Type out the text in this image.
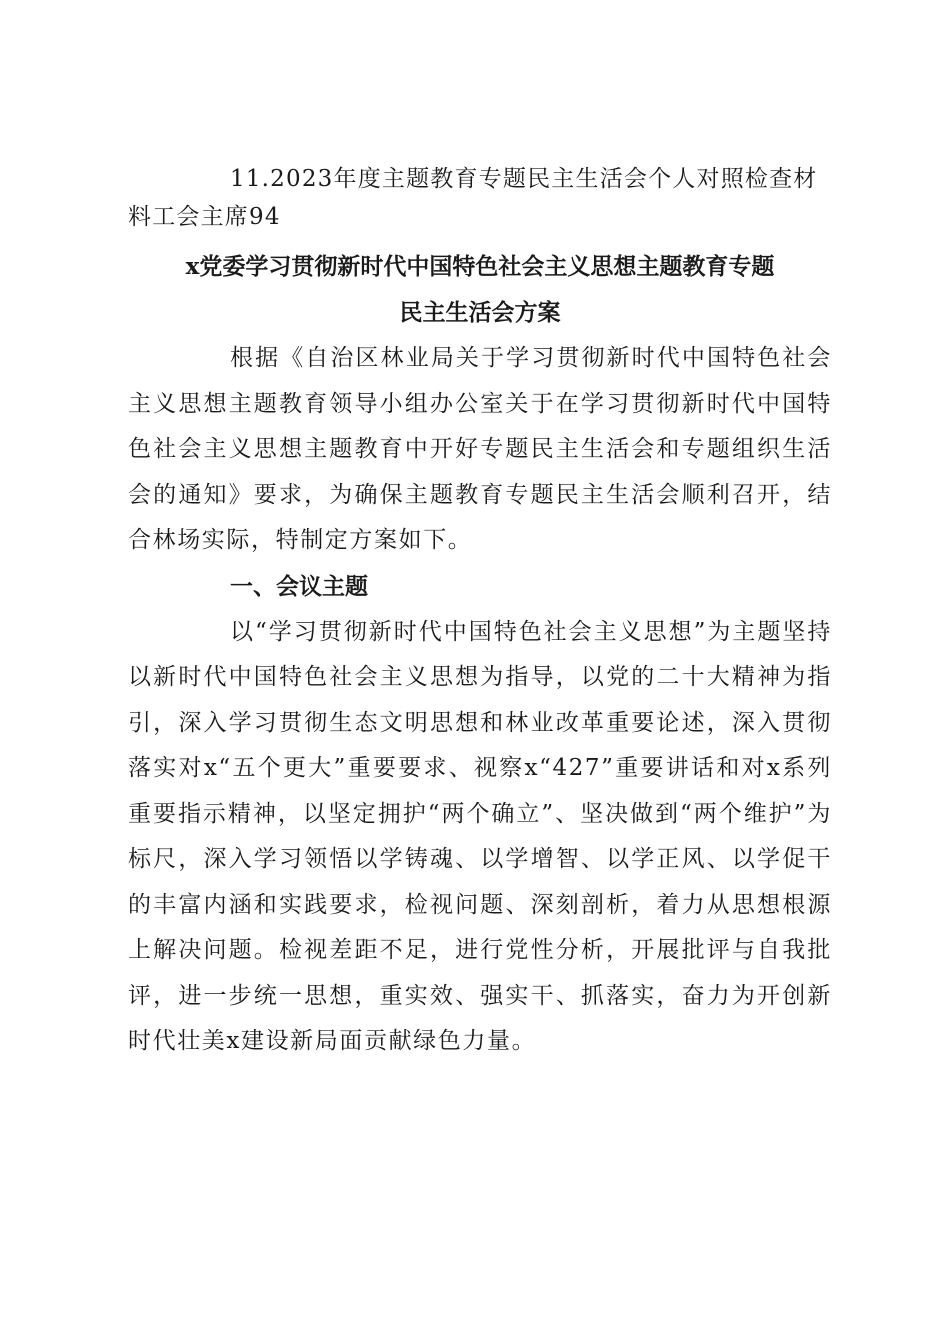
11.2023年度主题教育专题民主生活会个人对照检查材料工会主席94

x党委学习贯彻新时代中国特色社会主义思想主题教育专题
民主生活会方案

根据《自治区林业局关于学习贯彻新时代中国特色社会主义思想主题教育领导小组办公室关于在学习贯彻新时代中国特色社会主义思想主题教育中开好专题民主生活会和专题组织生活会的通知》要求，为确保主题教育专题民主生活会顺利召开，结合林场实际，特制定方案如下。

一、会议主题

以“学习贯彻新时代中国特色社会主义思想”为主题坚持以新时代中国特色社会主义思想为指导，以党的二十大精神为指引，深入学习贯彻生态文明思想和林业改革重要论述，深入贯彻落实对x“五个更大”重要要求、视察x“427”重要讲话和对x系列重要指示精神，以坚定拥护“两个确立”、坚决做到“两个维护”为标尺，深入学习领悟以学铸魂、以学增智、以学正风、以学促干的丰富内涵和实践要求，检视问题、深刻剖析，着力从思想根源上解决问题。检视差距不足，进行党性分析，开展批评与自我批评，进一步统一思想，重实效、强实干、抓落实，奋力为开创新时代壮美x建设新局面贡献绿色力量。
